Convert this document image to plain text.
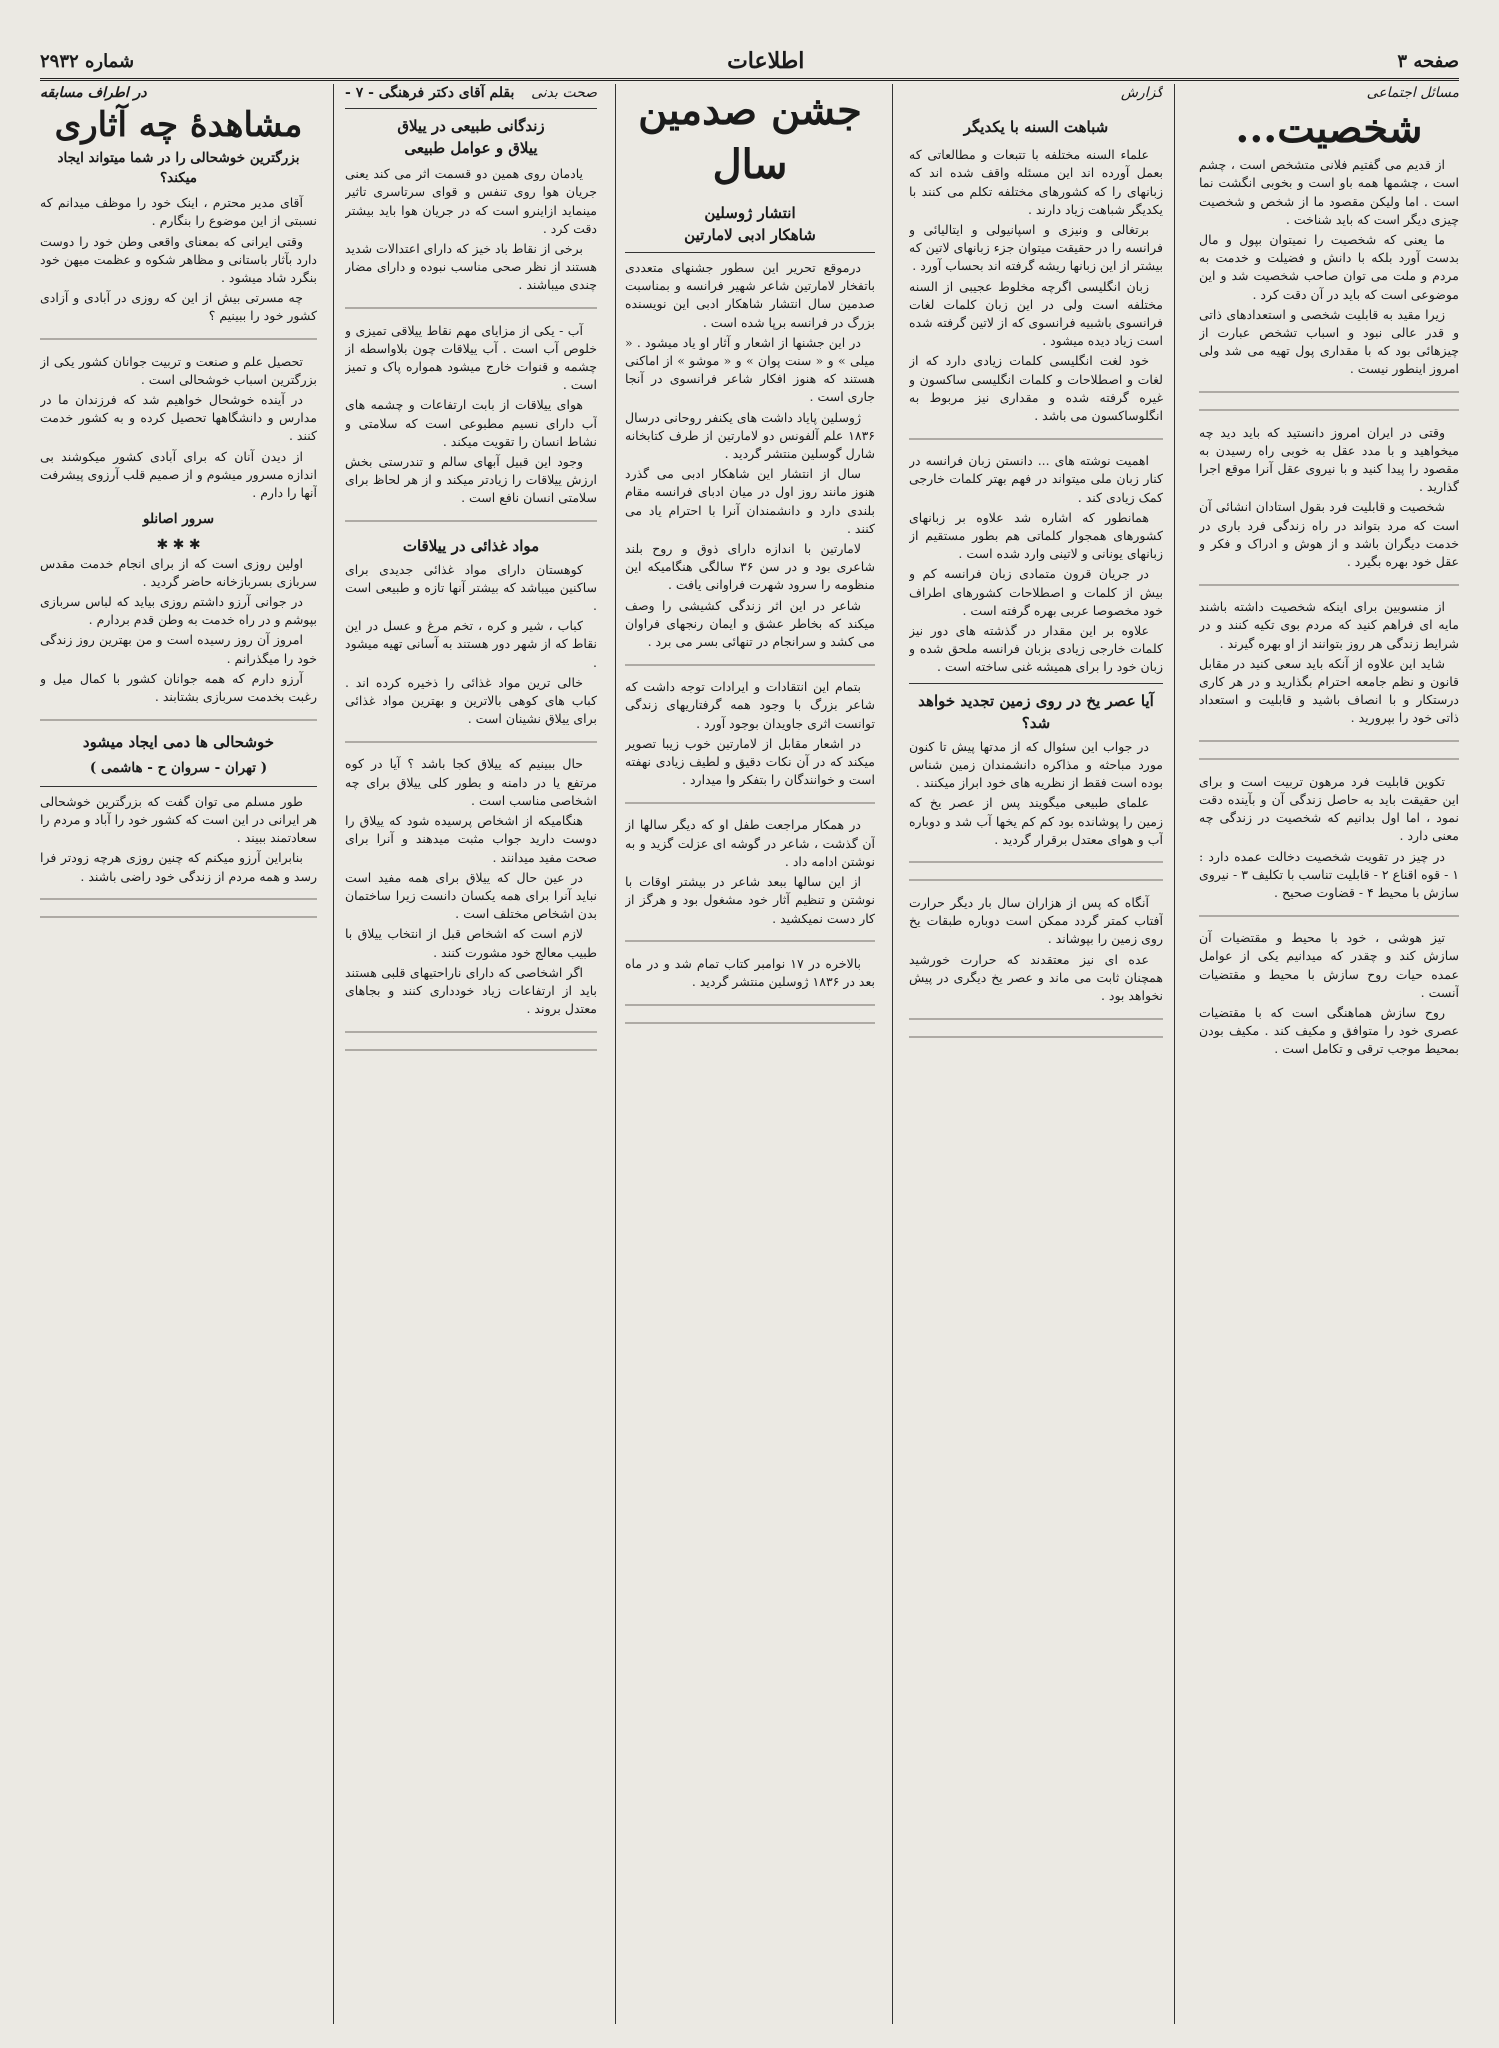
صفحه ۳
اطلاعات
شماره ۲۹۳۲
مسائل اجتماعی
شخصیت...

از قدیم می گفتیم فلانی متشخص است ، چشم است ، چشمها همه باو است و بخوبی انگشت نما است . اما ولیکن مقصود ما از شخص و شخصیت چیزی دیگر است که باید شناخت .

ما یعنی که شخصیت را نمیتوان بپول و مال بدست آورد بلکه با دانش و فضیلت و خدمت به مردم و ملت می توان صاحب شخصیت شد و این موضوعی است که باید در آن دقت کرد .

زیرا مقید به قابلیت شخصی و استعدادهای ذاتی و قدر عالی نبود و اسباب تشخص عبارت از چیزهائی بود که با مقداری پول تهیه می شد ولی امروز اینطور نیست .

وقتی در ایران امروز دانستید که باید دید چه میخواهید و با مدد عقل به خوبی راه رسیدن به مقصود را پیدا کنید و با نیروی عقل آنرا موقع اجرا گذارید .

شخصیت و قابلیت فرد بقول استادان انشائی آن است که مرد بتواند در راه زندگی فرد باری در خدمت دیگران باشد و از هوش و ادراک و فکر و عقل خود بهره بگیرد .

از منسوبین برای اینکه شخصیت داشته باشند مایه ای فراهم کنید که مردم بوی تکیه کنند و در شرایط زندگی هر روز بتوانند از او بهره گیرند .

شاید این علاوه از آنکه باید سعی کنید در مقابل قانون و نظم جامعه احترام بگذارید و در هر کاری درستکار و با انصاف باشید و قابلیت و استعداد ذاتی خود را بپرورید .

تکوین قابلیت فرد مرهون تربیت است و برای این حقیقت باید به حاصل زندگی آن و بآینده دقت نمود ، اما اول بدانیم که شخصیت در زندگی چه معنی دارد .

در چیز در تقویت شخصیت دخالت عمده دارد : ۱ - قوه اقناع ۲ - قابلیت تناسب با تکلیف ۳ - نیروی سازش با محیط ۴ - قضاوت صحیح .

تیز هوشی ، خود با محیط و مقتضیات آن سازش کند و چقدر که میدانیم یکی از عوامل عمده حیات روح سازش با محیط و مقتضیات آنست .

روح سازش هماهنگی است که با مقتضیات عصری خود را متوافق و مکیف کند . مکیف بودن بمحیط موجب ترقی و تکامل است .

گزارش
شباهت السنه با یکدیگر

علماء السنه مختلفه با تتبعات و مطالعاتی که بعمل آورده اند این مسئله واقف شده اند که زبانهای را که کشورهای مختلفه تکلم می کنند با یکدیگر شباهت زیاد دارند .

برتغالی و ونیزی و اسپانیولی و ایتالیائی و فرانسه را در حقیقت میتوان جزء زبانهای لاتین که بیشتر از این زبانها ریشه گرفته اند بحساب آورد .

زبان انگلیسی اگرچه مخلوط عجیبی از السنه مختلفه است ولی در این زبان کلمات لغات فرانسوی باشبیه فرانسوی که از لاتین گرفته شده است زیاد دیده میشود .

خود لغت انگلیسی کلمات زیادی دارد که از لغات و اصطلاحات و کلمات انگلیسی ساکسون و غیره گرفته شده و مقداری نیز مربوط به انگلوساکسون می باشد .

اهمیت نوشته های ... دانستن زبان فرانسه در کنار زبان ملی میتواند در فهم بهتر کلمات خارجی کمک زیادی کند .

همانطور که اشاره شد علاوه بر زبانهای کشورهای همجوار کلماتی هم بطور مستقیم از زبانهای یونانی و لاتینی وارد شده است .

در جریان قرون متمادی زبان فرانسه کم و بیش از کلمات و اصطلاحات کشورهای اطراف خود مخصوصا عربی بهره گرفته است .

علاوه بر این مقدار در گذشته های دور نیز کلمات خارجی زیادی بزبان فرانسه ملحق شده و زبان خود را برای همیشه غنی ساخته است .

آیا عصر یخ در روی زمین تجدید خواهد شد؟

در جواب این سئوال که از مدتها پیش تا کنون مورد مباحثه و مذاکره دانشمندان زمین شناس بوده است فقط از نظریه های خود ابراز میکنند .

علمای طبیعی میگویند پس از عصر یخ که زمین را پوشانده بود کم کم یخها آب شد و دوباره آب و هوای معتدل برقرار گردید .

آنگاه که پس از هزاران سال بار دیگر حرارت آفتاب کمتر گردد ممکن است دوباره طبقات یخ روی زمین را بپوشاند .

عده ای نیز معتقدند که حرارت خورشید همچنان ثابت می ماند و عصر یخ دیگری در پیش نخواهد بود .

جشن صدمین سال
انتشار ژوسلین
شاهکار ادبی لامارتین

درموقع تحریر این سطور جشنهای متعددی باتفخار لامارتین شاعر شهیر فرانسه و بمناسبت صدمین سال انتشار شاهکار ادبی این نویسنده بزرگ در فرانسه برپا شده است .

در این جشنها از اشعار و آثار او یاد میشود . « میلی » و « سنت پوان » و « موشو » از اماکنی هستند که هنوز افکار شاعر فرانسوی در آنجا جاری است .

ژوسلین پایاد داشت های یکنفر روحانی درسال ۱۸۳۶ علم آلفونس دو لامارتین از طرف کتابخانه شارل گوسلین منتشر گردید .

سال از انتشار این شاهکار ادبی می گذرد هنوز مانند روز اول در میان ادبای فرانسه مقام بلندی دارد و دانشمندان آنرا با احترام یاد می کنند .

لامارتین با اندازه دارای ذوق و روح بلند شاعری بود و در سن ۳۶ سالگی هنگامیکه این منظومه را سرود شهرت فراوانی یافت .

شاعر در این اثر زندگی کشیشی را وصف میکند که بخاطر عشق و ایمان رنجهای فراوان می کشد و سرانجام در تنهائی بسر می برد .

بتمام این انتقادات و ایرادات توجه داشت که شاعر بزرگ با وجود همه گرفتاریهای زندگی توانست اثری جاویدان بوجود آورد .

در اشعار مقابل از لامارتین خوب زیبا تصویر میکند که در آن نکات دقیق و لطیف زیادی نهفته است و خوانندگان را بتفکر وا میدارد .

در همکار مراجعت طفل او که دیگر سالها از آن گذشت ، شاعر در گوشه ای عزلت گزید و به نوشتن ادامه داد .

از این سالها ببعد شاعر در بیشتر اوقات با نوشتن و تنظیم آثار خود مشغول بود و هرگز از کار دست نمیکشید .

بالاخره در ۱۷ نوامبر کتاب تمام شد و در ماه بعد در ۱۸۳۶ ژوسلین منتشر گردید .

صحت بدنی
بقلم آقای دکتر فرهنگی - ۷ -
زندگانی طبیعی در ییلاق
ییلاق و عوامل طبیعی

یادمان روی همین دو قسمت اثر می کند یعنی جریان هوا روی تنفس و قوای سرتاسری تاثیر مینماید ازاینرو است که در جریان هوا باید بیشتر دقت کرد .

برخی از نقاط باد خیز که دارای اعتدالات شدید هستند از نظر صحی مناسب نبوده و دارای مضار چندی میباشند .

آب - یکی از مزایای مهم نقاط ییلاقی تمیزی و خلوص آب است . آب ییلاقات چون بلاواسطه از چشمه و قنوات خارج میشود همواره پاک و تمیز است .

هوای ییلاقات از بابت ارتفاعات و چشمه های آب دارای نسیم مطبوعی است که سلامتی و نشاط انسان را تقویت میکند .

وجود این قبیل آبهای سالم و تندرستی بخش ارزش ییلاقات را زیادتر میکند و از هر لحاظ برای سلامتی انسان نافع است .

مواد غذائی در ییلاقات

کوهستان دارای مواد غذائی جدیدی برای ساکنین میباشد که بیشتر آنها تازه و طبیعی است .

کباب ، شیر و کره ، تخم مرغ و عسل در این نقاط که از شهر دور هستند به آسانی تهیه میشود .

خالی ترین مواد غذائی را ذخیره کرده اند . کباب های کوهی بالاترین و بهترین مواد غذائی برای ییلاق نشینان است .

حال ببینیم که ییلاق کجا باشد ؟ آیا در کوه مرتفع یا در دامنه و بطور کلی ییلاق برای چه اشخاصی مناسب است .

هنگامیکه از اشخاص پرسیده شود که ییلاق را دوست دارید جواب مثبت میدهند و آنرا برای صحت مفید میدانند .

در عین حال که ییلاق برای همه مفید است نباید آنرا برای همه یکسان دانست زیرا ساختمان بدن اشخاص مختلف است .

لازم است که اشخاص قبل از انتخاب ییلاق با طبیب معالج خود مشورت کنند .

اگر اشخاصی که دارای ناراحتیهای قلبی هستند باید از ارتفاعات زیاد خودداری کنند و بجاهای معتدل بروند .

در اطراف مسابقه
مشاهدهٔ چه آثاری
بزرگترین خوشحالی را در شما میتواند ایجاد میکند؟

آقای مدیر محترم ، اینک خود را موظف میدانم که نسبتی از این موضوع را بنگارم .

وقتی ایرانی که بمعنای واقعی وطن خود را دوست دارد بآثار باستانی و مظاهر شکوه و عظمت میهن خود بنگرد شاد میشود .

چه مسرتی بیش از این که روزی در آبادی و آزادی کشور خود را ببینیم ؟

تحصیل علم و صنعت و تربیت جوانان کشور یکی از بزرگترین اسباب خوشحالی است .

در آینده خوشحال خواهیم شد که فرزندان ما در مدارس و دانشگاهها تحصیل کرده و به کشور خدمت کنند .

از دیدن آنان که برای آبادی کشور میکوشند بی اندازه مسرور میشوم و از صمیم قلب آرزوی پیشرفت آنها را دارم .

سرور اصانلو
✱ ✱ ✱

اولین روزی است که از برای انجام خدمت مقدس سربازی بسربازخانه حاضر گردید .

در جوانی آرزو داشتم روزی بیاید که لباس سربازی بپوشم و در راه خدمت به وطن قدم بردارم .

امروز آن روز رسیده است و من بهترین روز زندگی خود را میگذرانم .

آرزو دارم که همه جوانان کشور با کمال میل و رغبت بخدمت سربازی بشتابند .

خوشحالی ها دمی ایجاد میشود
( تهران - سروان ح - هاشمی )

طور مسلم می توان گفت که بزرگترین خوشحالی هر ایرانی در این است که کشور خود را آباد و مردم را سعادتمند ببیند .

بنابراین آرزو میکنم که چنین روزی هرچه زودتر فرا رسد و همه مردم از زندگی خود راضی باشند .
